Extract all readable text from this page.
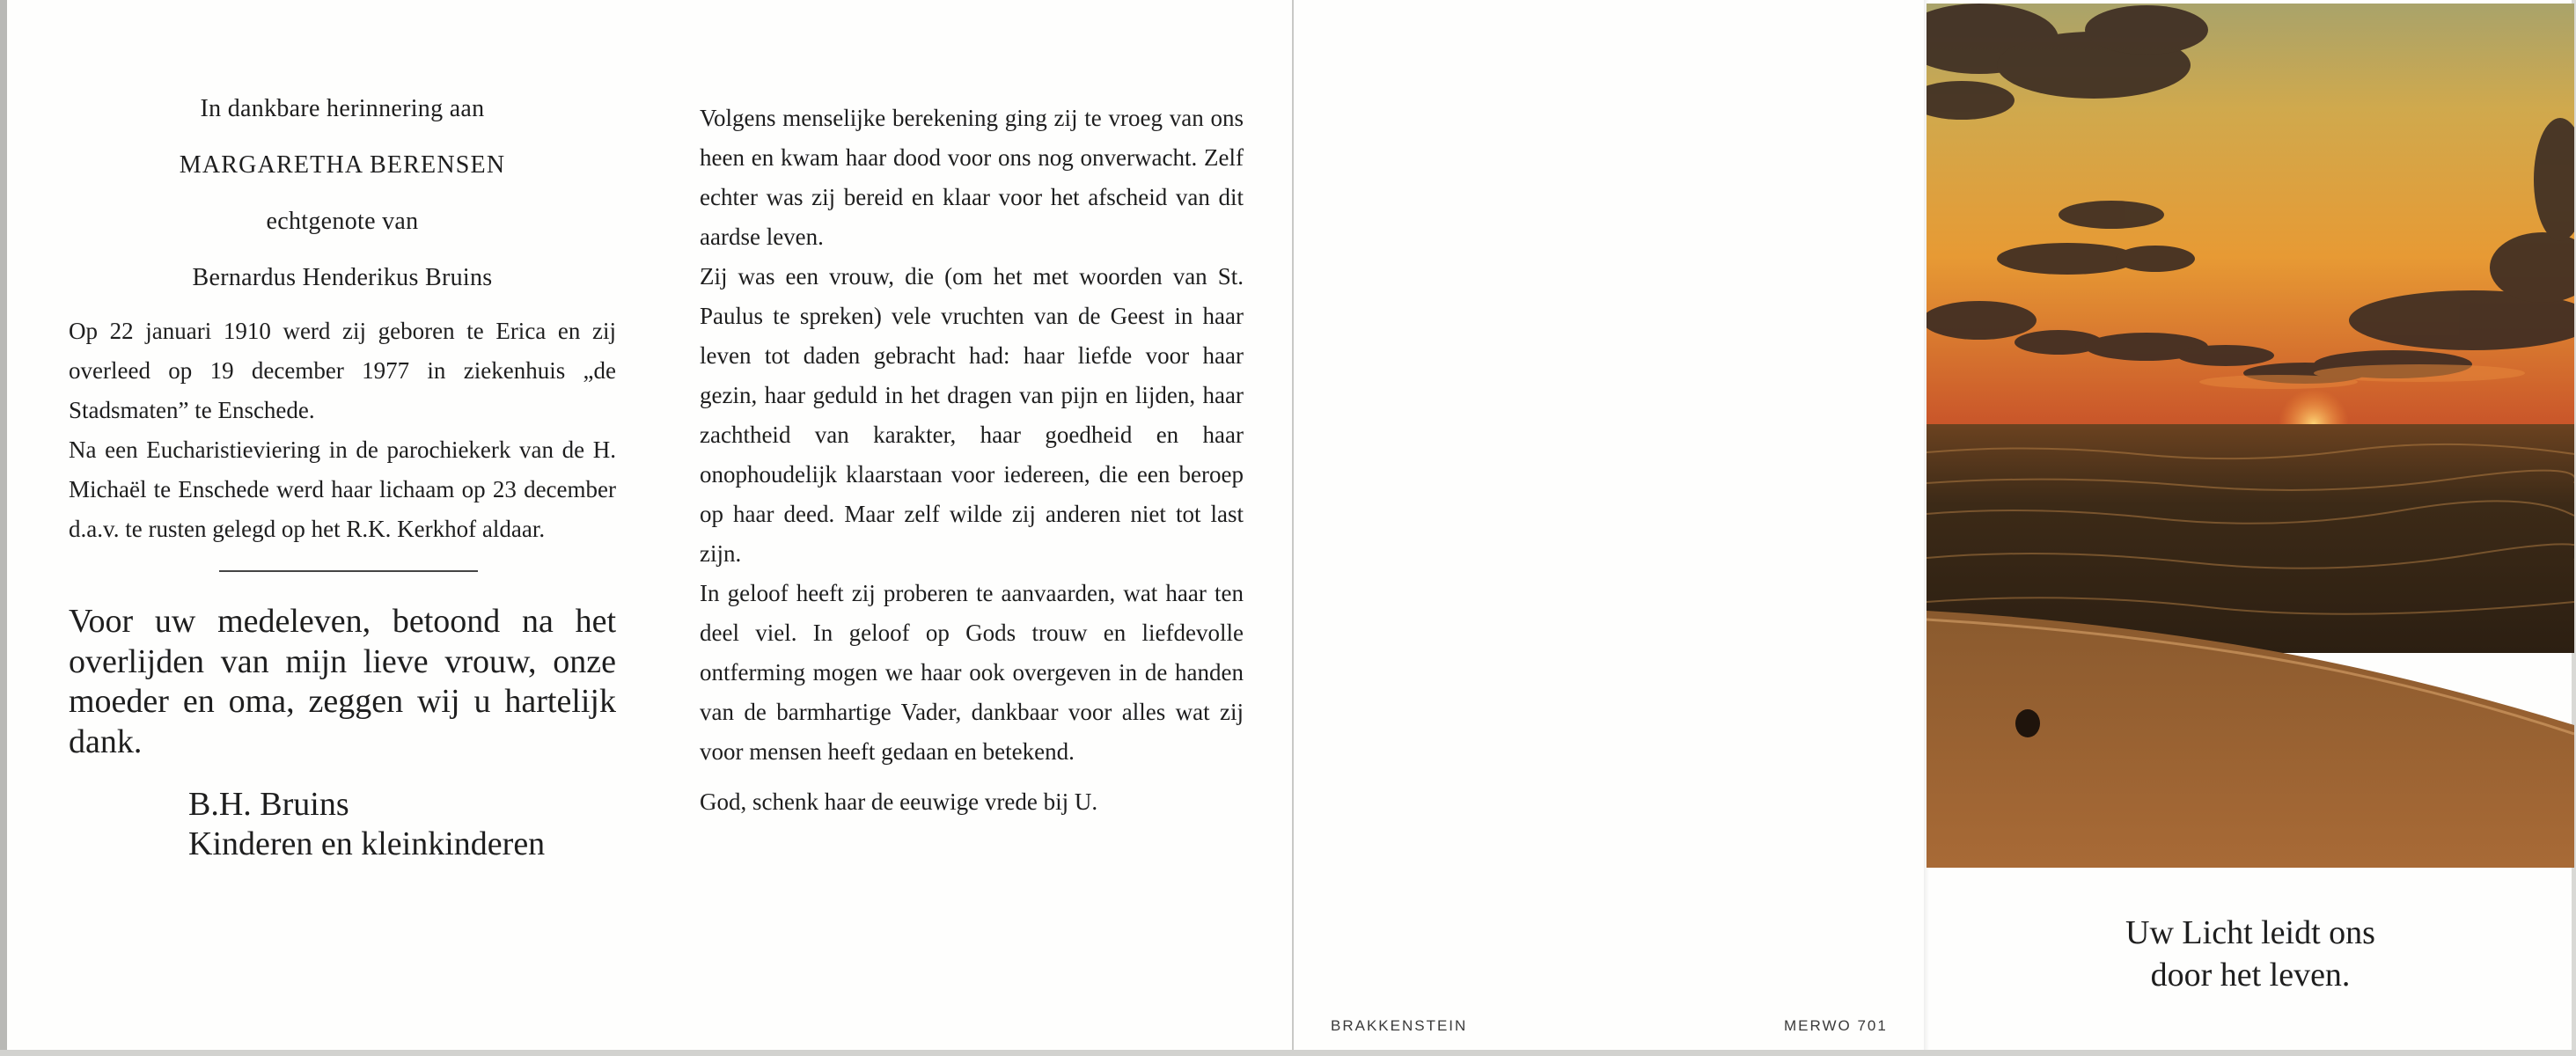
In dankbare herinnering aan

MARGARETHA BERENSEN

echtgenote van

Bernardus Henderikus Bruins

Op 22 januari 1910 werd zij geboren te Erica en zij overleed op 19 december 1977 in ziekenhuis „de Stadsmaten” te Enschede.

Na een Eucharistieviering in de parochiekerk van de H. Michaël te Enschede werd haar lichaam op 23 december d.a.v. te rusten gelegd op het R.K. Kerkhof aldaar.

Voor uw medeleven, betoond na het overlijden van mijn lieve vrouw, onze moeder en oma, zeggen wij u hartelijk dank.

B.H. Bruins
Kinderen en kleinkinderen

Volgens menselijke berekening ging zij te vroeg van ons heen en kwam haar dood voor ons nog onverwacht. Zelf echter was zij bereid en klaar voor het afscheid van dit aardse leven.

Zij was een vrouw, die (om het met woorden van St. Paulus te spreken) vele vruchten van de Geest in haar leven tot daden gebracht had: haar liefde voor haar gezin, haar geduld in het dragen van pijn en lijden, haar zachtheid van karakter, haar goedheid en haar onophoudelijk klaarstaan voor iedereen, die een beroep op haar deed. Maar zelf wilde zij anderen niet tot last zijn.

In geloof heeft zij proberen te aanvaarden, wat haar ten deel viel. In geloof op Gods trouw en liefdevolle ontferming mogen we haar ook overgeven in de handen van de barmhartige Vader, dankbaar voor alles wat zij voor mensen heeft gedaan en betekend.

God, schenk haar de eeuwige vrede bij U.

BRAKKENSTEIN	MERWO 701
Uw Licht leidt ons
door het leven.
